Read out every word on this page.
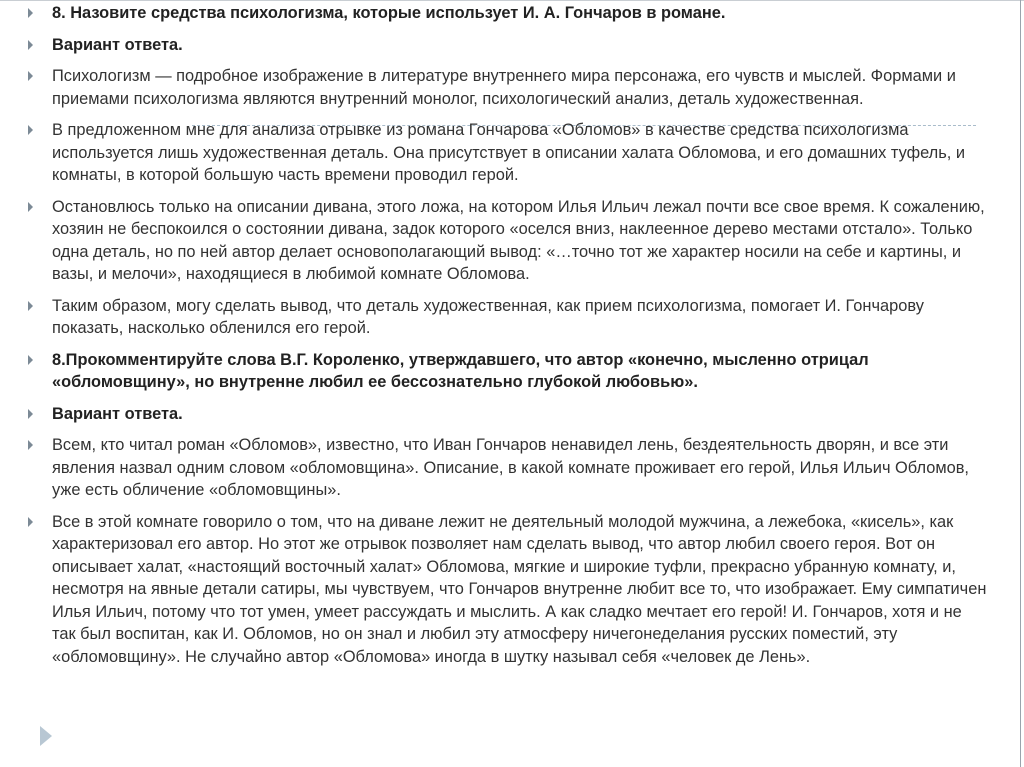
8. Назовите средства психологизма, которые использует И. А. Гончаров в романе.
Вариант ответа.
Психологизм — подробное изображение в литературе внутреннего мира персонажа, его чувств и мыслей. Формами и приемами психологизма являются внутренний монолог, психологический анализ, деталь художественная.
В предложенном мне для анализа отрывке из романа Гончарова «Обломов» в качестве средства психологизма используется лишь художественная деталь. Она присутствует в описании халата Обломова, и его домашних туфель, и комнаты, в которой большую часть времени проводил герой.
Остановлюсь только на описании дивана, этого ложа, на котором Илья Ильич лежал почти все свое время. К сожалению, хозяин не беспокоился о состоянии дивана, задок которого «оселся вниз, наклеенное дерево местами отстало». Только одна деталь, но по ней автор делает основополагающий вывод: «…точно тот же характер носили на себе и картины, и вазы, и мелочи», находящиеся в любимой комнате Обломова.
Таким образом, могу сделать вывод, что деталь художественная, как прием психологизма, помогает И. Гончарову показать, насколько обленился его герой.
8.Прокомментируйте слова В.Г. Короленко, утверждавшего, что автор «конечно, мысленно отрицал «обломовщину», но внутренне любил ее бессознательно глубокой любовью».
Вариант ответа.
Всем, кто читал роман «Обломов», известно, что Иван Гончаров ненавидел лень, бездеятельность дворян, и все эти явления назвал одним словом «обломовщина». Описание, в какой комнате проживает его герой, Илья Ильич Обломов, уже есть обличение «обломовщины».
Все в этой комнате говорило о том, что на диване лежит не деятельный молодой мужчина, а лежебока, «кисель», как характеризовал его автор. Но этот же отрывок позволяет нам сделать вывод, что автор любил своего героя. Вот он описывает халат, «настоящий восточный халат» Обломова, мягкие и широкие туфли, прекрасно убранную комнату, и, несмотря на явные детали сатиры, мы чувствуем, что Гончаров внутренне любит все то, что изображает. Ему симпатичен Илья Ильич, потому что тот умен, умеет рассуждать и мыслить. А как сладко мечтает его герой! И. Гончаров, хотя и не так был воспитан, как И. Обломов, но он знал и любил эту атмосферу ничегонеделания русских поместий, эту «обломовщину». Не случайно автор «Обломова» иногда в шутку называл себя «человек де Лень».
